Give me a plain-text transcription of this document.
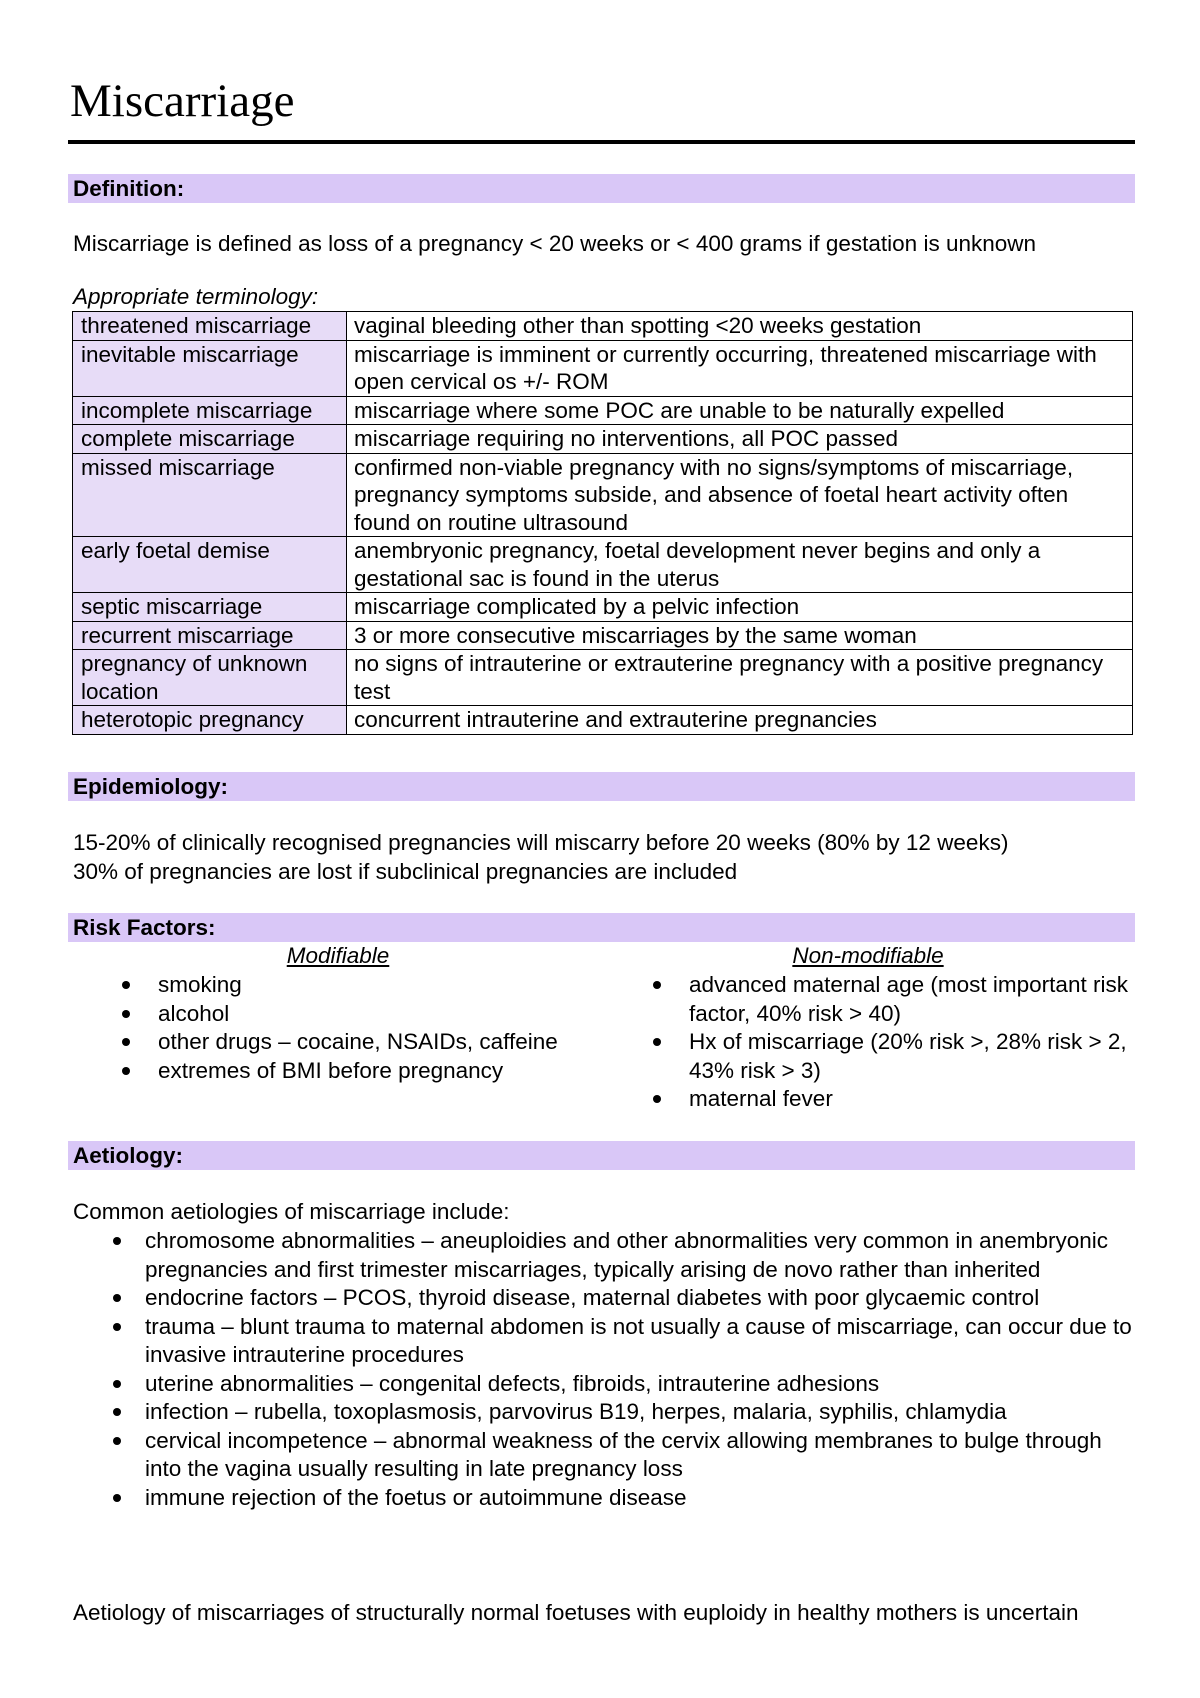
Miscarriage
Definition:

Miscarriage is defined as loss of a pregnancy < 20 weeks or < 400 grams if gestation is unknown

Appropriate terminology:

threatened miscarriage	vaginal bleeding other than spotting <20 weeks gestation
inevitable miscarriage	miscarriage is imminent or currently occurring, threatened miscarriage with open cervical os +/- ROM
incomplete miscarriage	miscarriage where some POC are unable to be naturally expelled
complete miscarriage	miscarriage requiring no interventions, all POC passed
missed miscarriage	confirmed non-viable pregnancy with no signs/symptoms of miscarriage, pregnancy symptoms subside, and absence of foetal heart activity often found on routine ultrasound
early foetal demise	anembryonic pregnancy, foetal development never begins and only a gestational sac is found in the uterus
septic miscarriage	miscarriage complicated by a pelvic infection
recurrent miscarriage	3 or more consecutive miscarriages by the same woman
pregnancy of unknown location	no signs of intrauterine or extrauterine pregnancy with a positive pregnancy test
heterotopic pregnancy	concurrent intrauterine and extrauterine pregnancies
Epidemiology:

15-20% of clinically recognised pregnancies will miscarry before 20 weeks (80% by 12 weeks)

30% of pregnancies are lost if subclinical pregnancies are included

Risk Factors:
Modifiable	Non-modifiable
smoking
alcohol
other drugs – cocaine, NSAIDs, caffeine
extremes of BMI before pregnancy
advanced maternal age (most important risk factor, 40% risk > 40)
Hx of miscarriage (20% risk >, 28% risk > 2, 43% risk > 3)
maternal fever
Aetiology:

Common aetiologies of miscarriage include:

chromosome abnormalities – aneuploidies and other abnormalities very common in anembryonic pregnancies and first trimester miscarriages, typically arising de novo rather than inherited
endocrine factors – PCOS, thyroid disease, maternal diabetes with poor glycaemic control
trauma – blunt trauma to maternal abdomen is not usually a cause of miscarriage, can occur due to invasive intrauterine procedures
uterine abnormalities – congenital defects, fibroids, intrauterine adhesions
infection – rubella, toxoplasmosis, parvovirus B19, herpes, malaria, syphilis, chlamydia
cervical incompetence – abnormal weakness of the cervix allowing membranes to bulge through into the vagina usually resulting in late pregnancy loss
immune rejection of the foetus or autoimmune disease

Aetiology of miscarriages of structurally normal foetuses with euploidy in healthy mothers is uncertain
